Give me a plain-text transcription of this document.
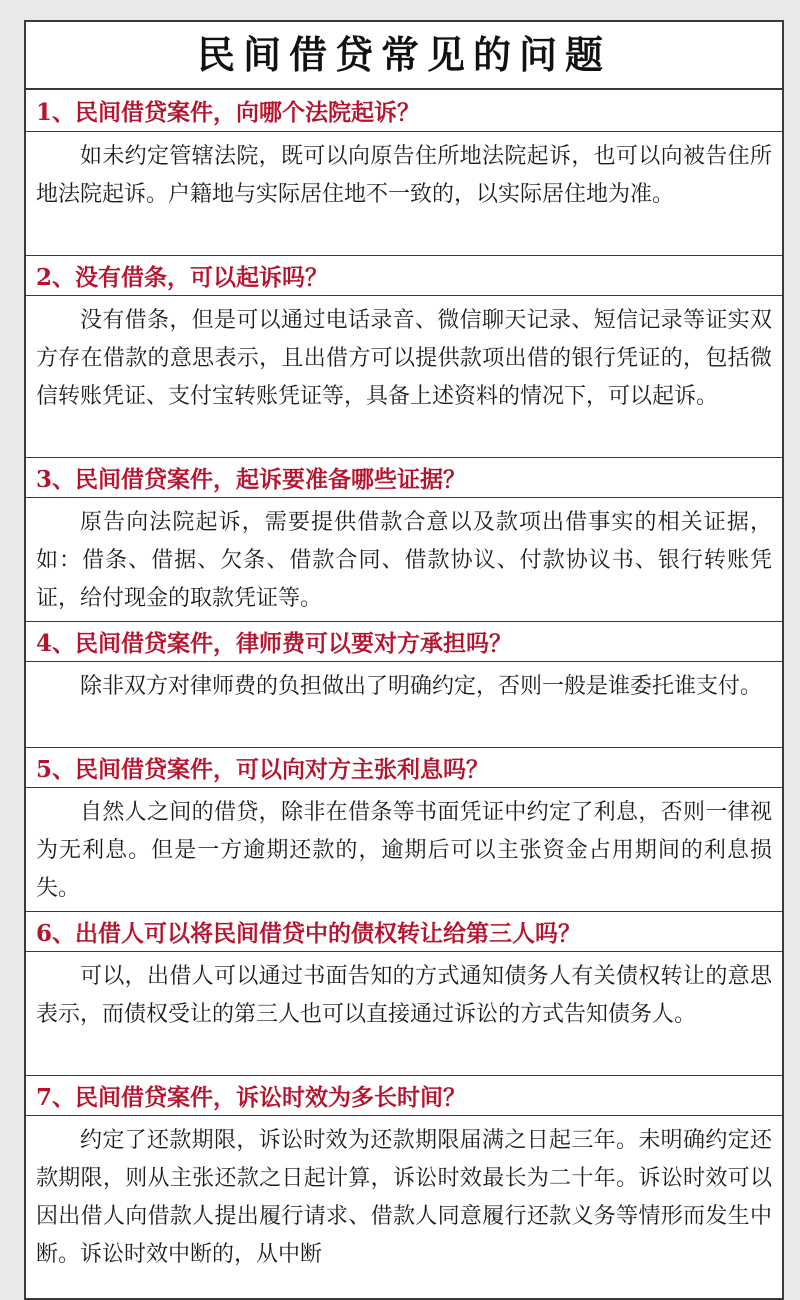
民间借贷常见的问题
1、民间借贷案件，向哪个法院起诉？
如未约定管辖法院，既可以向原告住所地法院起诉，也可以向被告住所地法院起诉。户籍地与实际居住地不一致的，以实际居住地为准。
2、没有借条，可以起诉吗？
没有借条，但是可以通过电话录音、微信聊天记录、短信记录等证实双方存在借款的意思表示，且出借方可以提供款项出借的银行凭证的，包括微信转账凭证、支付宝转账凭证等，具备上述资料的情况下，可以起诉。
3、民间借贷案件，起诉要准备哪些证据？
原告向法院起诉，需要提供借款合意以及款项出借事实的相关证据，如：借条、借据、欠条、借款合同、借款协议、付款协议书、银行转账凭证，给付现金的取款凭证等。
4、民间借贷案件，律师费可以要对方承担吗？
除非双方对律师费的负担做出了明确约定，否则一般是谁委托谁支付。
5、民间借贷案件，可以向对方主张利息吗？
自然人之间的借贷，除非在借条等书面凭证中约定了利息，否则一律视为无利息。但是一方逾期还款的，逾期后可以主张资金占用期间的利息损失。
6、出借人可以将民间借贷中的债权转让给第三人吗？
可以，出借人可以通过书面告知的方式通知债务人有关债权转让的意思表示，而债权受让的第三人也可以直接通过诉讼的方式告知债务人。
7、民间借贷案件，诉讼时效为多长时间？
约定了还款期限，诉讼时效为还款期限届满之日起三年。未明确约定还款期限，则从主张还款之日起计算，诉讼时效最长为二十年。诉讼时效可以因出借人向借款人提出履行请求、借款人同意履行还款义务等情形而发生中断。诉讼时效中断的，从中断
